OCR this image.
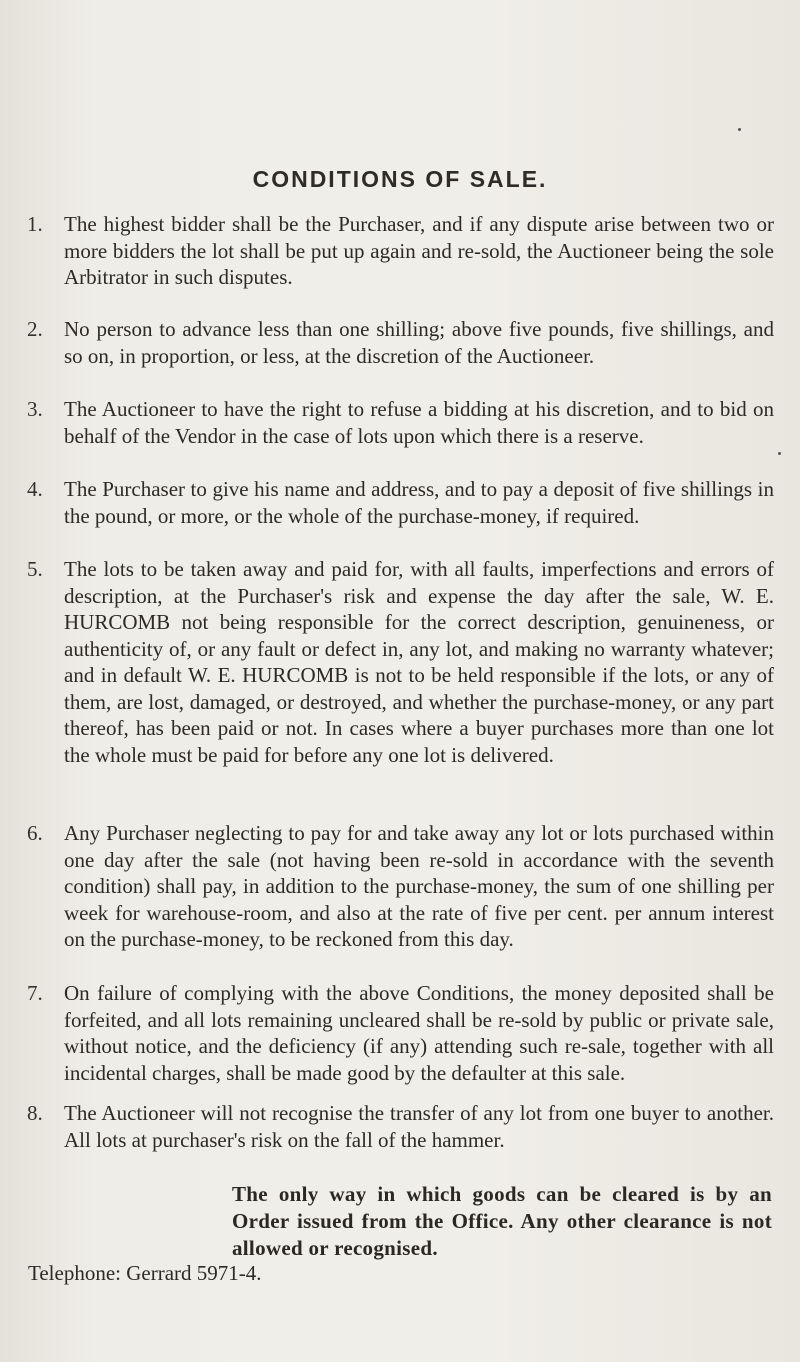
CONDITIONS OF SALE.
1.	The highest bidder shall be the Purchaser, and if any dispute arise between two or more bidders the lot shall be put up again and re-sold, the Auctioneer being the sole Arbitrator in such disputes.
2.	No person to advance less than one shilling; above five pounds, five shillings, and so on, in proportion, or less, at the discretion of the Auctioneer.
3.	The Auctioneer to have the right to refuse a bidding at his discretion, and to bid on behalf of the Vendor in the case of lots upon which there is a reserve.
4.	The Purchaser to give his name and address, and to pay a deposit of five shillings in the pound, or more, or the whole of the purchase-money, if required.
5.	The lots to be taken away and paid for, with all faults, imperfections and errors of description, at the Purchaser's risk and expense the day after the sale, W. E. HURCOMB not being responsible for the correct description, genuineness, or authenticity of, or any fault or defect in, any lot, and making no warranty whatever; and in default W. E. HURCOMB is not to be held responsible if the lots, or any of them, are lost, damaged, or destroyed, and whether the purchase-money, or any part thereof, has been paid or not. In cases where a buyer purchases more than one lot the whole must be paid for before any one lot is delivered.
6.	Any Purchaser neglecting to pay for and take away any lot or lots purchased within one day after the sale (not having been re-sold in accordance with the seventh condition) shall pay, in addition to the purchase-money, the sum of one shilling per week for warehouse-room, and also at the rate of five per cent. per annum interest on the purchase-money, to be reckoned from this day.
7.	On failure of complying with the above Conditions, the money deposited shall be forfeited, and all lots remaining uncleared shall be re-sold by public or private sale, without notice, and the deficiency (if any) attending such re-sale, together with all incidental charges, shall be made good by the defaulter at this sale.
8.	The Auctioneer will not recognise the transfer of any lot from one buyer to another. All lots at purchaser's risk on the fall of the hammer.
The only way in which goods can be cleared is by an Order issued from the Office. Any other clearance is not allowed or recognised.
Telephone: Gerrard 5971-4.
